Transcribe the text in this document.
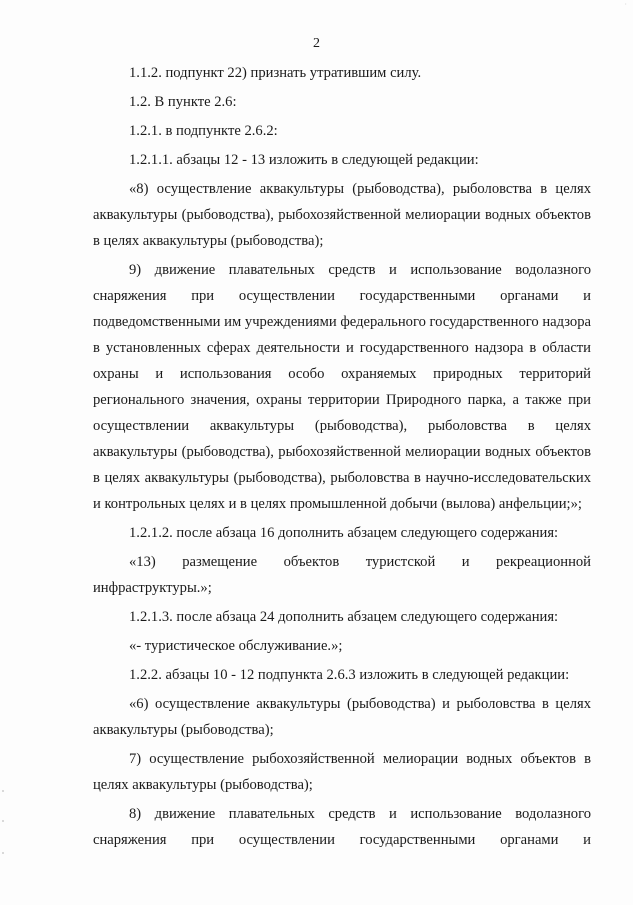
·
2

1.1.2. подпункт 22) признать утратившим силу.

1.2. В пункте 2.6:

1.2.1. в подпункте 2.6.2:

1.2.1.1. абзацы 12 - 13 изложить в следующей редакции:

«8) осуществление аквакультуры (рыбоводства), рыболовства в целях аквакультуры (рыбоводства), рыбохозяйственной мелиорации водных объектов в целях аквакультуры (рыбоводства);

9) движение плавательных средств и использование водолазного снаряжения при осуществлении государственными органами и подведомственными им учреждениями федерального государственного надзора в установленных сферах деятельности и государственного надзора в области охраны и использования особо охраняемых природных территорий регионального значения, охраны территории Природного парка, а также при осуществлении аквакультуры (рыбоводства), рыболовства в целях аквакультуры (рыбоводства), рыбохозяйственной мелиорации водных объектов в целях аквакультуры (рыбоводства), рыболовства в научно-исследовательских и контрольных целях и в целях промышленной добычи (вылова) анфельции;»;

1.2.1.2. после абзаца 16 дополнить абзацем следующего содержания:

«13) размещение объектов туристской и рекреационной инфраструктуры.»;

1.2.1.3. после абзаца 24 дополнить абзацем следующего содержания:

«- туристическое обслуживание.»;

1.2.2. абзацы 10 - 12 подпункта 2.6.3 изложить в следующей редакции:

«6) осуществление аквакультуры (рыбоводства) и рыболовства в целях аквакультуры (рыбоводства);

7) осуществление рыбохозяйственной мелиорации водных объектов в целях аквакультуры (рыбоводства);

8) движение плавательных средств и использование водолазного снаряжения при осуществлении государственными органами и
